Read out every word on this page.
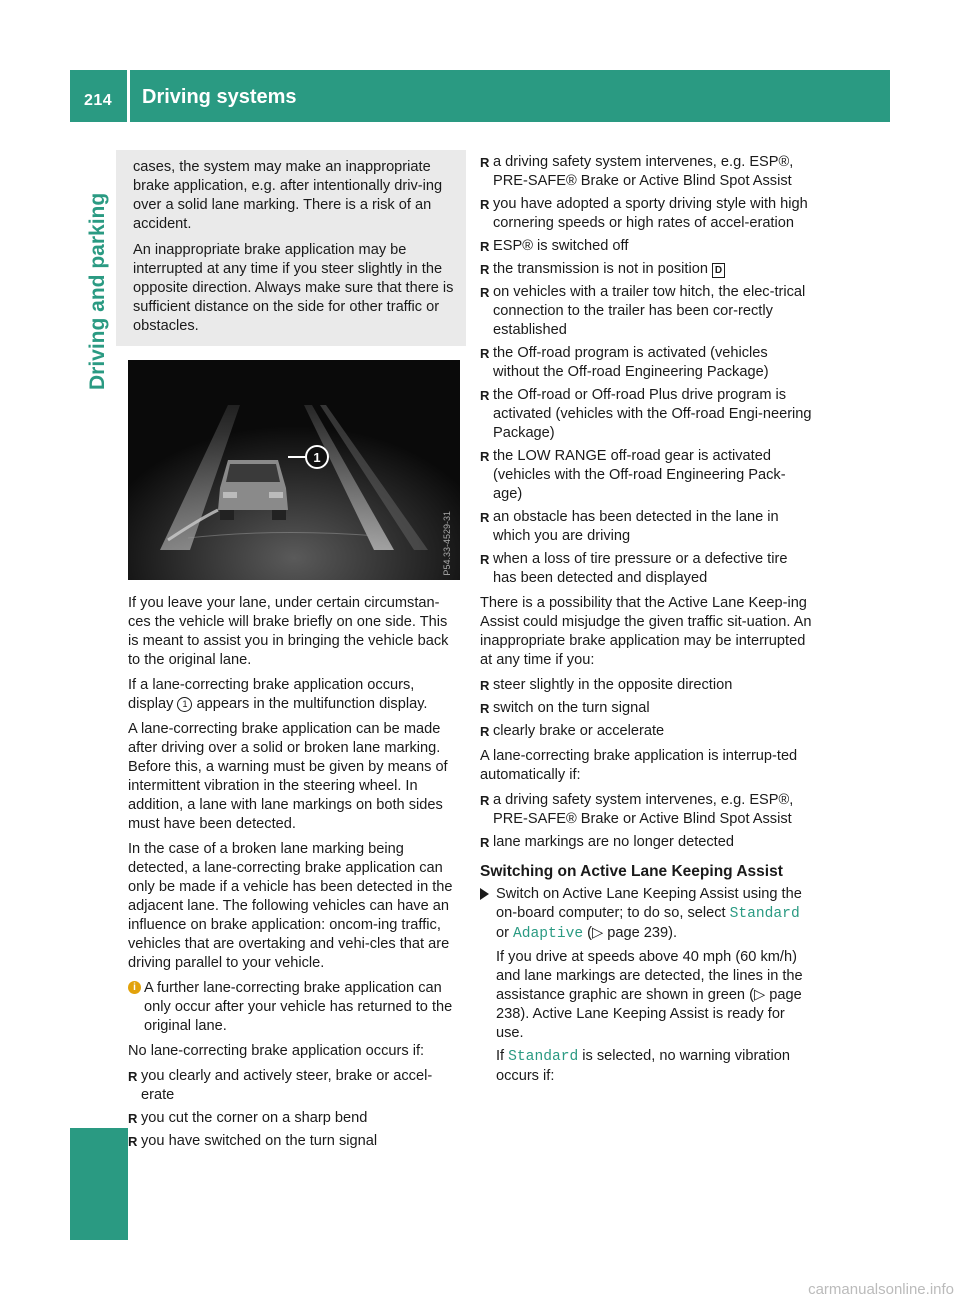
214 Driving systems
Driving and parking

cases, the system may make an inappropriate brake application, e.g. after intentionally driv-ing over a solid lane marking. There is a risk of an accident.

An inappropriate brake application may be interrupted at any time if you steer slightly in the opposite direction. Always make sure that there is sufficient distance on the side for other traffic or obstacles.

1
P54.33-4529-31

If you leave your lane, under certain circumstan-ces the vehicle will brake briefly on one side. This is meant to assist you in bringing the vehicle back to the original lane.

If a lane-correcting brake application occurs, display 1 appears in the multifunction display.

A lane-correcting brake application can be made after driving over a solid or broken lane marking. Before this, a warning must be given by means of intermittent vibration in the steering wheel. In addition, a lane with lane markings on both sides must have been detected.

In the case of a broken lane marking being detected, a lane-correcting brake application can only be made if a vehicle has been detected in the adjacent lane. The following vehicles can have an influence on brake application: oncom-ing traffic, vehicles that are overtaking and vehi-cles that are driving parallel to your vehicle.

i A further lane-correcting brake application can only occur after your vehicle has returned to the original lane.

No lane-correcting brake application occurs if:

R you clearly and actively steer, brake or accel-erate
R you cut the corner on a sharp bend
R you have switched on the turn signal
R a driving safety system intervenes, e.g. ESP®, PRE-SAFE® Brake or Active Blind Spot Assist
R you have adopted a sporty driving style with high cornering speeds or high rates of accel-eration
R ESP® is switched off
R the transmission is not in position D
R on vehicles with a trailer tow hitch, the elec-trical connection to the trailer has been cor-rectly established
R the Off-road program is activated (vehicles without the Off-road Engineering Package)
R the Off-road or Off-road Plus drive program is activated (vehicles with the Off-road Engi-neering Package)
R the LOW RANGE off-road gear is activated (vehicles with the Off-road Engineering Pack-age)
R an obstacle has been detected in the lane in which you are driving
R when a loss of tire pressure or a defective tire has been detected and displayed

There is a possibility that the Active Lane Keep-ing Assist could misjudge the given traffic sit-uation. An inappropriate brake application may be interrupted at any time if you:

R steer slightly in the opposite direction
R switch on the turn signal
R clearly brake or accelerate

A lane-correcting brake application is interrup-ted automatically if:

R a driving safety system intervenes, e.g. ESP®, PRE-SAFE® Brake or Active Blind Spot Assist
R lane markings are no longer detected
Switching on Active Lane Keeping Assist

Switch on Active Lane Keeping Assist using the on-board computer; to do so, select Standard or Adaptive (▷ page 239).

If you drive at speeds above 40 mph (60 km/h) and lane markings are detected, the lines in the assistance graphic are shown in green (▷ page 238). Active Lane Keeping Assist is ready for use.

If Standard is selected, no warning vibration occurs if:

carmanualsonline.info
